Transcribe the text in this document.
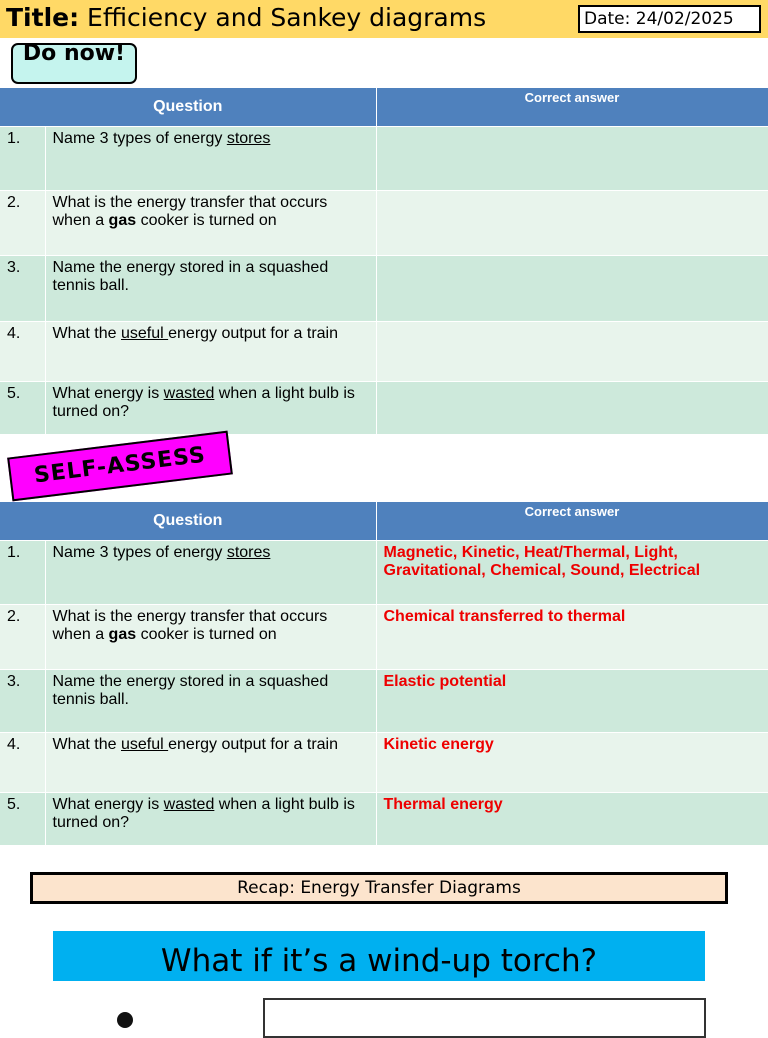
Title: Efficiency and Sankey diagrams	Date: 24/02/2025
Do now!
Question		Correct answer
1.	Name 3 types of energy stores	
2.	What is the energy transfer that occurs when a gas cooker is turned on	
3.	Name the energy stored in a squashed tennis ball.	
4.	What the useful energy output for a train	
5.	What energy is wasted when a light bulb is turned on?	
SELF-ASSESS
Question		Correct answer
1.	Name 3 types of energy stores	Magnetic, Kinetic, Heat/Thermal, Light, Gravitational, Chemical, Sound, Electrical
2.	What is the energy transfer that occurs when a gas cooker is turned on	Chemical transferred to thermal
3.	Name the energy stored in a squashed tennis ball.	Elastic potential
4.	What the useful energy output for a train	Kinetic energy
5.	What energy is wasted when a light bulb is turned on?	Thermal energy
Recap: Energy Transfer Diagrams
What if it’s a wind-up torch?
